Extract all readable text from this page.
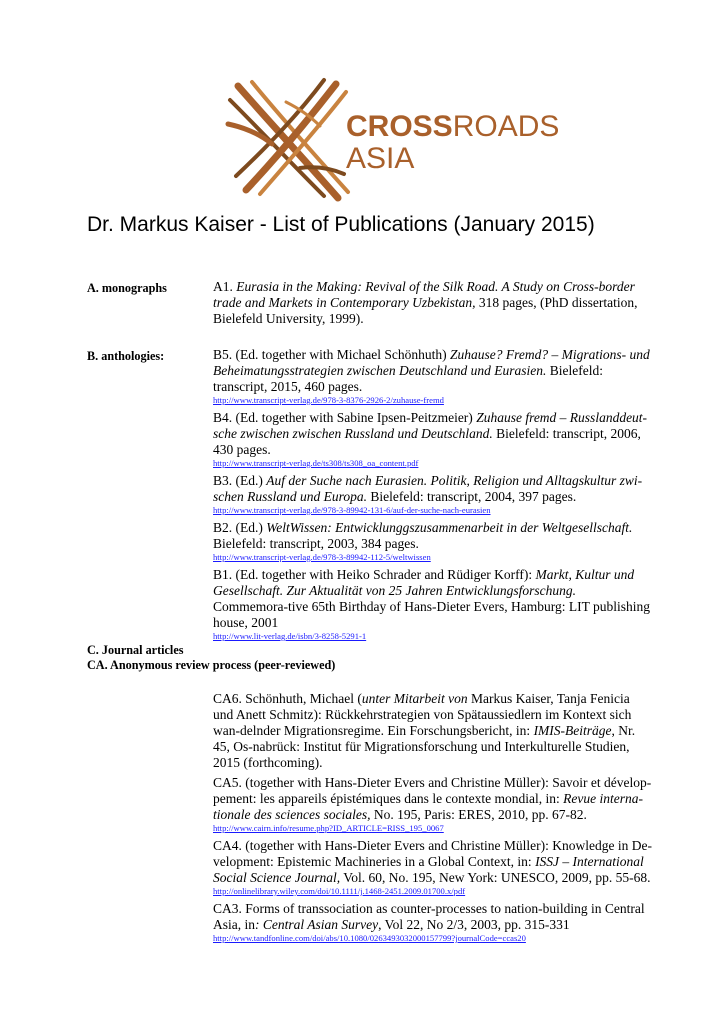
CROSSROADS
ASIA
Dr. Markus Kaiser - List of Publications (January 2015)
A. monographs	A1. Eurasia in the Making: Revival of the Silk Road. A Study on Cross-border trade and Markets in Contemporary Uzbekistan, 318 pages, (PhD dissertation, Bielefeld University, 1999).

B. anthologies:	B5. (Ed. together with Michael Schönhuth) Zuhause? Fremd? – Migrations- und Beheimatungsstrategien zwischen Deutschland und Eurasien. Bielefeld: transcript, 2015, 460 pages.
http://www.transcript-verlag.de/978-3-8376-2926-2/zuhause-fremd
B4. (Ed. together with Sabine Ipsen-Peitzmeier) Zuhause fremd – Russlanddeut-sche zwischen zwischen Russland und Deutschland. Bielefeld: transcript, 2006, 430 pages.
http://www.transcript-verlag.de/ts308/ts308_oa_content.pdf
B3. (Ed.) Auf der Suche nach Eurasien. Politik, Religion und Alltagskultur zwi-schen Russland und Europa. Bielefeld: transcript, 2004, 397 pages.
http://www.transcript-verlag.de/978-3-89942-131-6/auf-der-suche-nach-eurasien
B2. (Ed.) WeltWissen: Entwicklunggszusammenarbeit in der Weltgesellschaft. Bielefeld: transcript, 2003, 384 pages.
http://www.transcript-verlag.de/978-3-89942-112-5/weltwissen
B1. (Ed. together with Heiko Schrader and Rüdiger Korff): Markt, Kultur und Gesellschaft. Zur Aktualität von 25 Jahren Entwicklungsforschung. Commemora-tive 65th Birthday of Hans-Dieter Evers, Hamburg: LIT publishing house, 2001
http://www.lit-verlag.de/isbn/3-8258-5291-1
C. Journal articles
CA. Anonymous review process (peer-reviewed)
CA6. Schönhuth, Michael (unter Mitarbeit von Markus Kaiser, Tanja Fenicia und Anett Schmitz): Rückkehrstrategien von Spätaussiedlern im Kontext sich wan-delnder Migrationsregime. Ein Forschungsbericht, in: IMIS-Beiträge, Nr. 45, Os-nabrück: Institut für Migrationsforschung und Interkulturelle Studien, 2015 (forthcoming).
CA5. (together with Hans-Dieter Evers and Christine Müller): Savoir et dévelop-pement: les appareils épistémiques dans le contexte mondial, in: Revue interna-tionale des sciences sociales, No. 195, Paris: ERES, 2010, pp. 67-82.
http://www.cairn.info/resume.php?ID_ARTICLE=RISS_195_0067
CA4. (together with Hans-Dieter Evers and Christine Müller): Knowledge in De-velopment: Epistemic Machineries in a Global Context, in: ISSJ – International Social Science Journal, Vol. 60, No. 195, New York: UNESCO, 2009, pp. 55-68.
http://onlinelibrary.wiley.com/doi/10.1111/j.1468-2451.2009.01700.x/pdf
CA3. Forms of transsociation as counter-processes to nation-building in Central Asia, in: Central Asian Survey, Vol 22, No 2/3, 2003, pp. 315-331
http://www.tandfonline.com/doi/abs/10.1080/0263493032000157799?journalCode=ccas20
